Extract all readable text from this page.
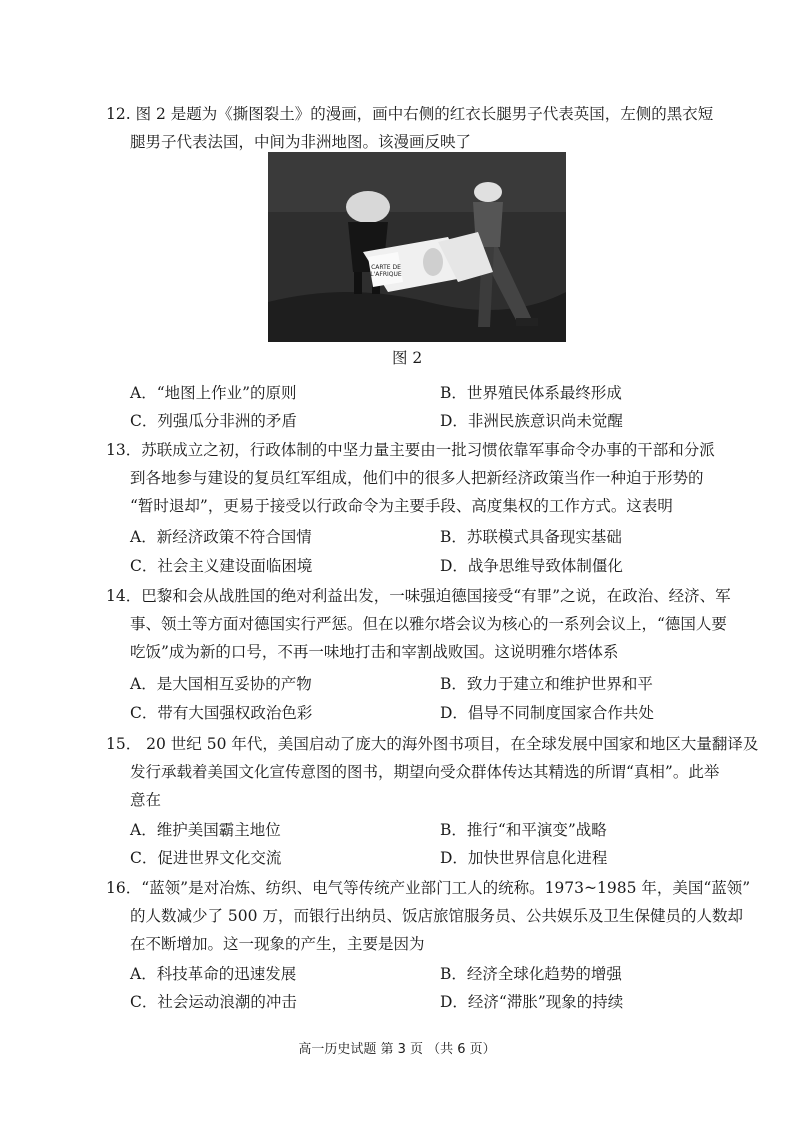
12. 图 2 是题为《撕图裂土》的漫画，画中右侧的红衣长腿男子代表英国，左侧的黑衣短
腿男子代表法国，中间为非洲地图。该漫画反映了
CARTE DE L'AFRIQUE
图 2
A．“地图上作业”的原则	B．世界殖民体系最终形成
C．列强瓜分非洲的矛盾	D．非洲民族意识尚未觉醒
13．苏联成立之初，行政体制的中坚力量主要由一批习惯依靠军事命令办事的干部和分派
到各地参与建设的复员红军组成，他们中的很多人把新经济政策当作一种迫于形势的
“暂时退却”，更易于接受以行政命令为主要手段、高度集权的工作方式。这表明
A．新经济政策不符合国情	B．苏联模式具备现实基础
C．社会主义建设面临困境	D．战争思维导致体制僵化
14．巴黎和会从战胜国的绝对利益出发，一味强迫德国接受“有罪”之说，在政治、经济、军
事、领土等方面对德国实行严惩。但在以雅尔塔会议为核心的一系列会议上，“德国人要
吃饭”成为新的口号，不再一味地打击和宰割战败国。这说明雅尔塔体系
A．是大国相互妥协的产物	B．致力于建立和维护世界和平
C．带有大国强权政治色彩	D．倡导不同制度国家合作共处
15． 20 世纪 50 年代，美国启动了庞大的海外图书项目，在全球发展中国家和地区大量翻译及
发行承载着美国文化宣传意图的图书，期望向受众群体传达其精选的所谓“真相”。此举
意在
A．维护美国霸主地位	B．推行“和平演变”战略
C．促进世界文化交流	D．加快世界信息化进程
16．“蓝领”是对冶炼、纺织、电气等传统产业部门工人的统称。1973~1985 年，美国“蓝领”
的人数减少了 500 万，而银行出纳员、饭店旅馆服务员、公共娱乐及卫生保健员的人数却
在不断增加。这一现象的产生，主要是因为
A．科技革命的迅速发展	B．经济全球化趋势的增强
C．社会运动浪潮的冲击	D．经济“滞胀”现象的持续
高一历史试题 第 3 页 （共 6 页）
